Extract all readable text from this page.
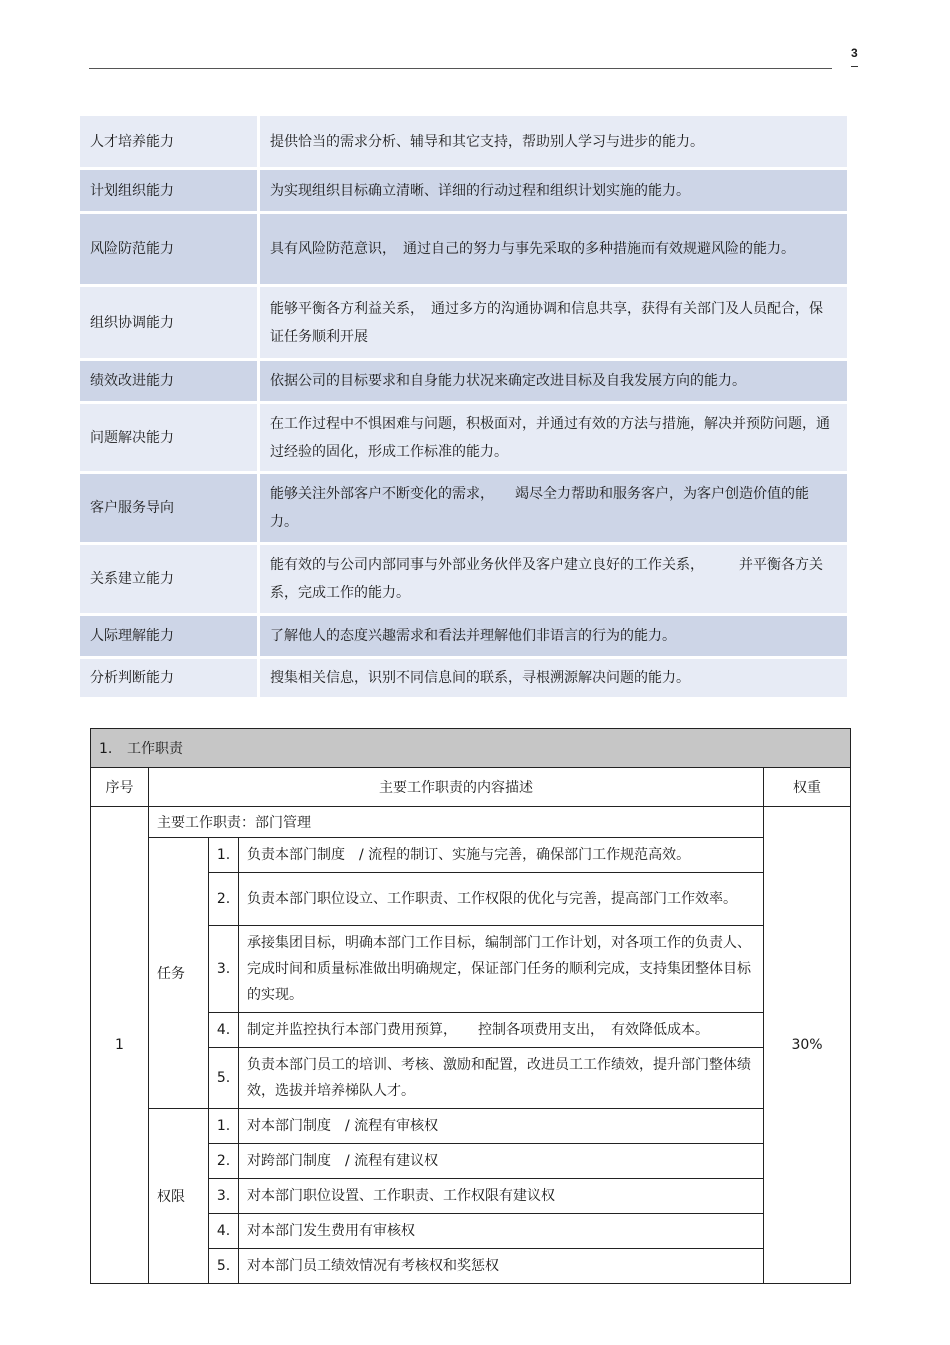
3
人才培养能力	提供恰当的需求分析、辅导和其它支持，帮助别人学习与进步的能力。
计划组织能力	为实现组织目标确立清晰、详细的行动过程和组织计划实施的能力。
风险防范能力	具有风险防范意识，　通过自己的努力与事先采取的多种措施而有效规避风险的能力。
组织协调能力	能够平衡各方利益关系，　通过多方的沟通协调和信息共享，获得有关部门及人员配合，保证任务顺利开展
绩效改进能力	依据公司的目标要求和自身能力状况来确定改进目标及自我发展方向的能力。
问题解决能力	在工作过程中不惧困难与问题，积极面对，并通过有效的方法与措施，解决并预防问题，通过经验的固化，形成工作标准的能力。
客户服务导向	能够关注外部客户不断变化的需求，　　竭尽全力帮助和服务客户，为客户创造价值的能力。
关系建立能力	能有效的与公司内部同事与外部业务伙伴及客户建立良好的工作关系，　　　并平衡各方关系，完成工作的能力。
人际理解能力	了解他人的态度兴趣需求和看法并理解他们非语言的行为的能力。
分析判断能力	搜集相关信息，识别不同信息间的联系，寻根溯源解决问题的能力。
1. 工作职责				
序号	主要工作职责的内容描述			权重
1	主要工作职责：部门管理			30%
	任务	1.	负责本部门制度　/ 流程的制订、实施与完善，确保部门工作规范高效。	
		2.	负责本部门职位设立、工作职责、工作权限的优化与完善，提高部门工作效率。	
		3.	承接集团目标，明确本部门工作目标，编制部门工作计划，对各项工作的负责人、完成时间和质量标准做出明确规定，保证部门任务的顺利完成，支持集团整体目标的实现。	
		4.	制定并监控执行本部门费用预算，　　控制各项费用支出，　有效降低成本。	
		5.	负责本部门员工的培训、考核、激励和配置，改进员工工作绩效，提升部门整体绩效，选拔并培养梯队人才。	
	权限	1.	对本部门制度　/ 流程有审核权	
		2.	对跨部门制度　/ 流程有建议权	
		3.	对本部门职位设置、工作职责、工作权限有建议权	
		4.	对本部门发生费用有审核权	
		5.	对本部门员工绩效情况有考核权和奖惩权	
